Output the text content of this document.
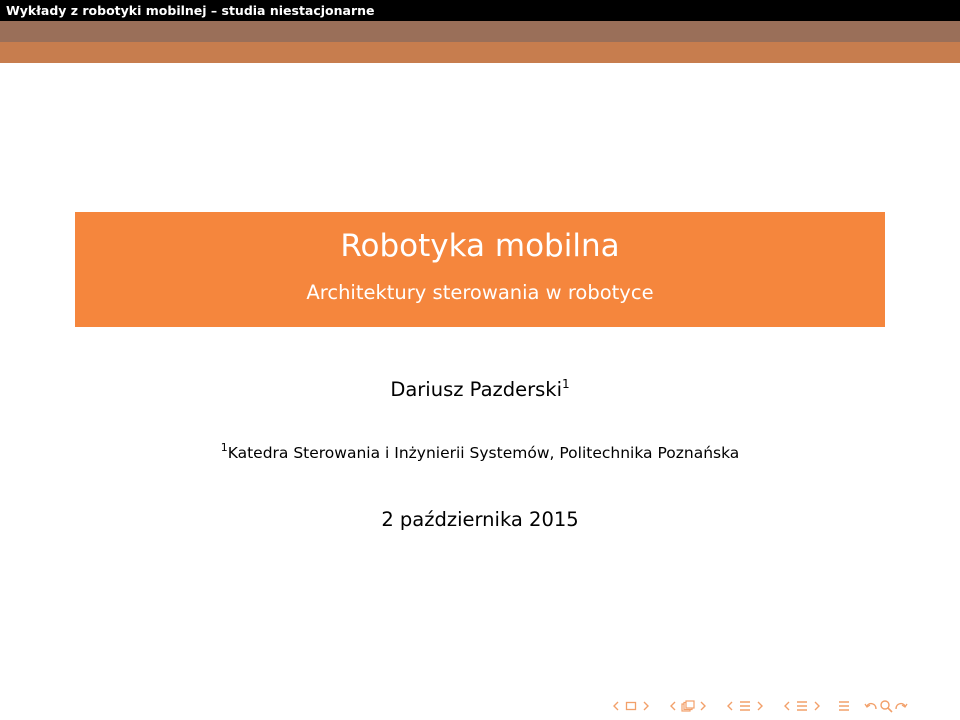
Wykłady z robotyki mobilnej – studia niestacjonarne
Robotyka mobilna
Architektury sterowania w robotyce
Dariusz Pazderski$^1$
$^1$Katedra Sterowania i Inżynierii Systemów, Politechnika Poznańska
2 października 2015
